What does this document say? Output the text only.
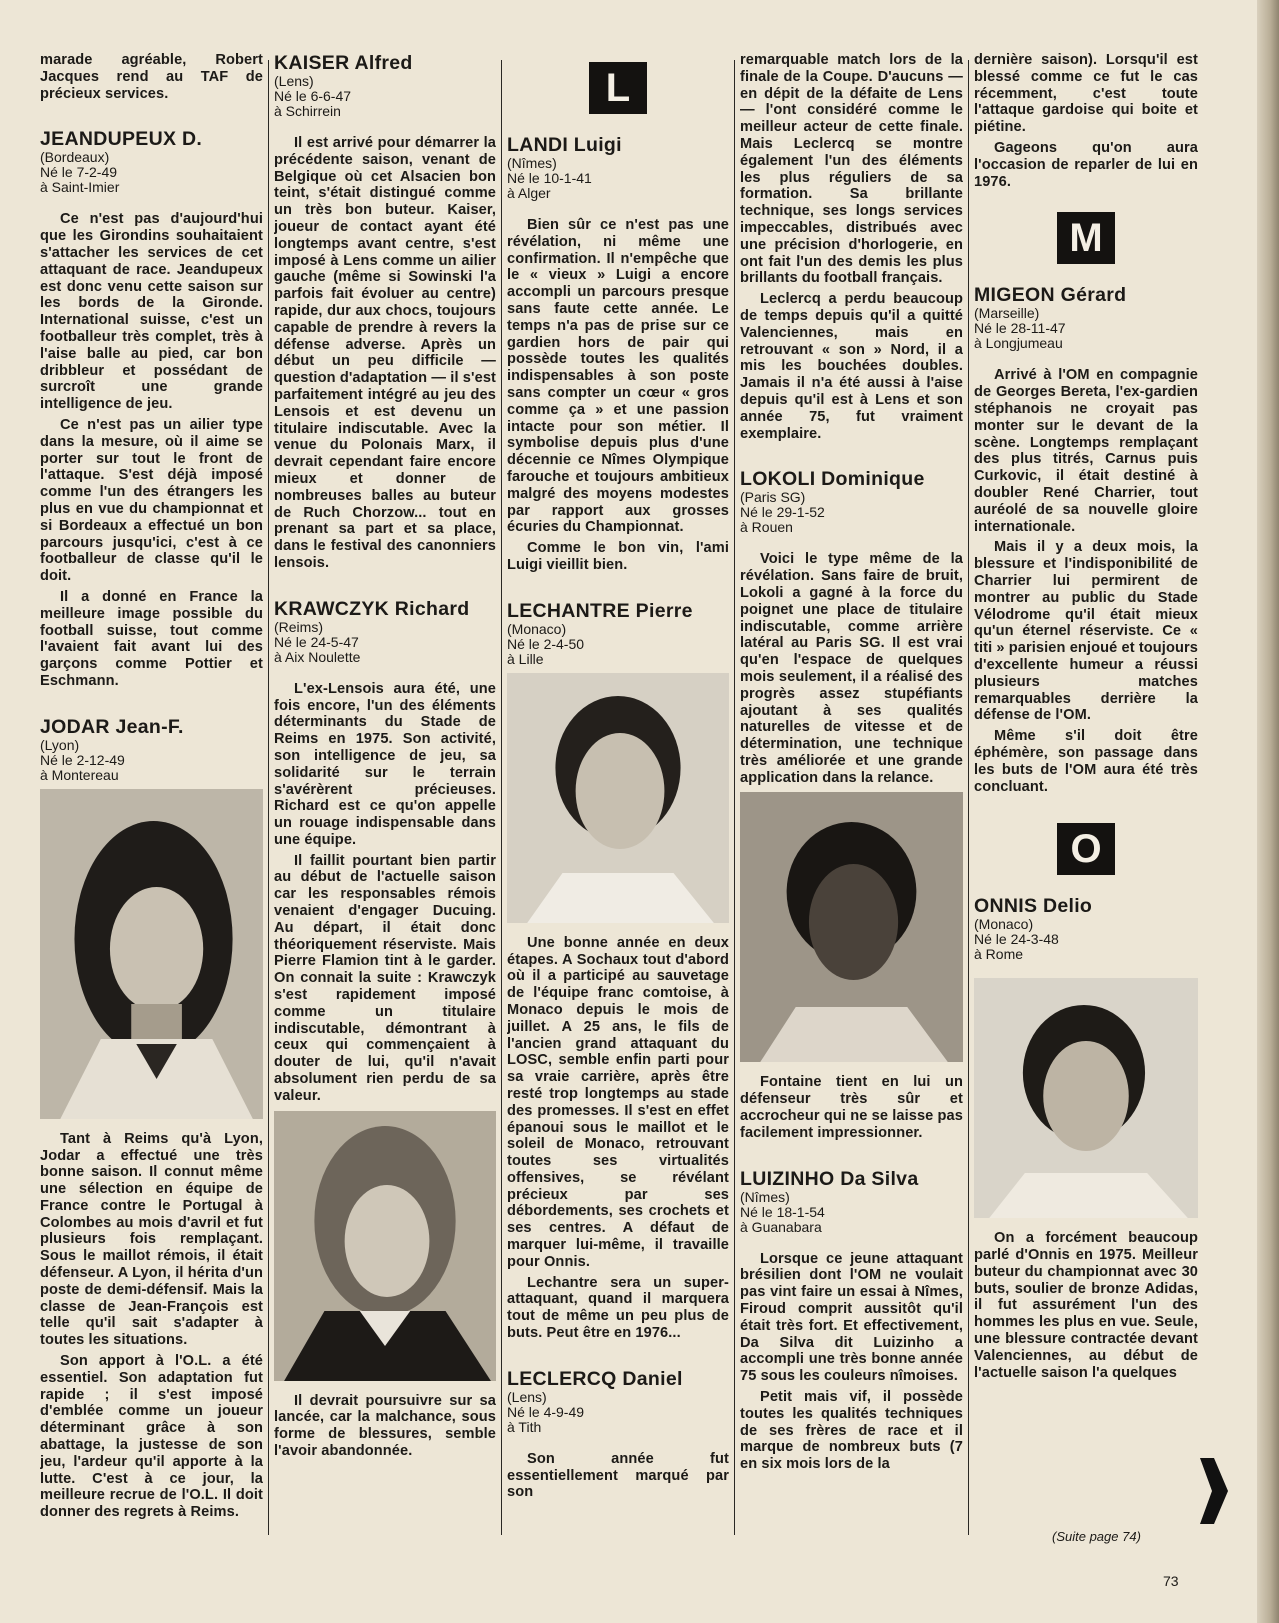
marade agréable, Robert Jacques rend au TAF de précieux services.

JEANDUPEUX D.
(Bordeaux)
Né le 7-2-49
à Saint-Imier

Ce n'est pas d'aujourd'hui que les Girondins souhaitaient s'attacher les services de cet attaquant de race. Jeandupeux est donc venu cette saison sur les bords de la Gironde. International suisse, c'est un footballeur très complet, très à l'aise balle au pied, car bon dribbleur et possédant de surcroît une grande intelligence de jeu.

Ce n'est pas un ailier type dans la mesure, où il aime se porter sur tout le front de l'attaque. S'est déjà imposé comme l'un des étrangers les plus en vue du championnat et si Bordeaux a effectué un bon parcours jusqu'ici, c'est à ce footballeur de classe qu'il le doit.

Il a donné en France la meilleure image possible du football suisse, tout comme l'avaient fait avant lui des garçons comme Pottier et Eschmann.

JODAR Jean-F.
(Lyon)
Né le 2-12-49
à Montereau

Tant à Reims qu'à Lyon, Jodar a effectué une très bonne saison. Il connut même une sélection en équipe de France contre le Portugal à Colombes au mois d'avril et fut plusieurs fois remplaçant. Sous le maillot rémois, il était défenseur. A Lyon, il hérita d'un poste de demi-défensif. Mais la classe de Jean-François est telle qu'il sait s'adapter à toutes les situations.

Son apport à l'O.L. a été essentiel. Son adaptation fut rapide ; il s'est imposé d'emblée comme un joueur déterminant grâce à son abattage, la justesse de son jeu, l'ardeur qu'il apporte à la lutte. C'est à ce jour, la meilleure recrue de l'O.L. Il doit donner des regrets à Reims.

KAISER Alfred
(Lens)
Né le 6-6-47
à Schirrein

Il est arrivé pour démarrer la précédente saison, venant de Belgique où cet Alsacien bon teint, s'était distingué comme un très bon buteur. Kaiser, joueur de contact ayant été longtemps avant centre, s'est imposé à Lens comme un ailier gauche (même si Sowinski l'a parfois fait évoluer au centre) rapide, dur aux chocs, toujours capable de prendre à revers la défense adverse. Après un début un peu difficile — question d'adaptation — il s'est parfaitement intégré au jeu des Lensois et est devenu un titulaire indiscutable. Avec la venue du Polonais Marx, il devrait cependant faire encore mieux et donner de nombreuses balles au buteur de Ruch Chorzow... tout en prenant sa part et sa place, dans le festival des canonniers lensois.

KRAWCZYK Richard
(Reims)
Né le 24-5-47
à Aix Noulette

L'ex-Lensois aura été, une fois encore, l'un des éléments déterminants du Stade de Reims en 1975. Son activité, son intelligence de jeu, sa solidarité sur le terrain s'avérèrent précieuses. Richard est ce qu'on appelle un rouage indispensable dans une équipe.

Il faillit pourtant bien partir au début de l'actuelle saison car les responsables rémois venaient d'engager Ducuing. Au départ, il était donc théoriquement réserviste. Mais Pierre Flamion tint à le garder. On connait la suite : Krawczyk s'est rapidement imposé comme un titulaire indiscutable, démontrant à ceux qui commençaient à douter de lui, qu'il n'avait absolument rien perdu de sa valeur.

Il devrait poursuivre sur sa lancée, car la malchance, sous forme de blessures, semble l'avoir abandonnée.

L
LANDI Luigi
(Nîmes)
Né le 10-1-41
à Alger

Bien sûr ce n'est pas une révélation, ni même une confirmation. Il n'empêche que le « vieux » Luigi a encore accompli un parcours presque sans faute cette année. Le temps n'a pas de prise sur ce gardien hors de pair qui possède toutes les qualités indispensables à son poste sans compter un cœur « gros comme ça » et une passion intacte pour son métier. Il symbolise depuis plus d'une décennie ce Nîmes Olympique farouche et toujours ambitieux malgré des moyens modestes par rapport aux grosses écuries du Championnat.

Comme le bon vin, l'ami Luigi vieillit bien.

LECHANTRE Pierre
(Monaco)
Né le 2-4-50
à Lille

Une bonne année en deux étapes. A Sochaux tout d'abord où il a participé au sauvetage de l'équipe franc comtoise, à Monaco depuis le mois de juillet. A 25 ans, le fils de l'ancien grand attaquant du LOSC, semble enfin parti pour sa vraie carrière, après être resté trop longtemps au stade des promesses. Il s'est en effet épanoui sous le maillot et le soleil de Monaco, retrouvant toutes ses virtualités offensives, se révélant précieux par ses débordements, ses crochets et ses centres. A défaut de marquer lui-même, il travaille pour Onnis.

Lechantre sera un super-attaquant, quand il marquera tout de même un peu plus de buts. Peut être en 1976...

LECLERCQ Daniel
(Lens)
Né le 4-9-49
à Tith

Son année fut essentiellement marqué par son

remarquable match lors de la finale de la Coupe. D'aucuns — en dépit de la défaite de Lens — l'ont considéré comme le meilleur acteur de cette finale. Mais Leclercq se montre également l'un des éléments les plus réguliers de sa formation. Sa brillante technique, ses longs services impeccables, distribués avec une précision d'horlogerie, en ont fait l'un des demis les plus brillants du football français.

Leclercq a perdu beaucoup de temps depuis qu'il a quitté Valenciennes, mais en retrouvant « son » Nord, il a mis les bouchées doubles. Jamais il n'a été aussi à l'aise depuis qu'il est à Lens et son année 75, fut vraiment exemplaire.

LOKOLI Dominique
(Paris SG)
Né le 29-1-52
à Rouen

Voici le type même de la révélation. Sans faire de bruit, Lokoli a gagné à la force du poignet une place de titulaire indiscutable, comme arrière latéral au Paris SG. Il est vrai qu'en l'espace de quelques mois seulement, il a réalisé des progrès assez stupéfiants ajoutant à ses qualités naturelles de vitesse et de détermination, une technique très améliorée et une grande application dans la relance.

Fontaine tient en lui un défenseur très sûr et accrocheur qui ne se laisse pas facilement impressionner.

LUIZINHO Da Silva
(Nîmes)
Né le 18-1-54
à Guanabara

Lorsque ce jeune attaquant brésilien dont l'OM ne voulait pas vint faire un essai à Nîmes, Firoud comprit aussitôt qu'il était très fort. Et effectivement, Da Silva dit Luizinho a accompli une très bonne année 75 sous les couleurs nîmoises.

Petit mais vif, il possède toutes les qualités techniques de ses frères de race et il marque de nombreux buts (7 en six mois lors de la

dernière saison). Lorsqu'il est blessé comme ce fut le cas récemment, c'est toute l'attaque gardoise qui boite et piétine.

Gageons qu'on aura l'occasion de reparler de lui en 1976.

M
MIGEON Gérard
(Marseille)
Né le 28-11-47
à Longjumeau

Arrivé à l'OM en compagnie de Georges Bereta, l'ex-gardien stéphanois ne croyait pas monter sur le devant de la scène. Longtemps remplaçant des plus titrés, Carnus puis Curkovic, il était destiné à doubler René Charrier, tout auréolé de sa nouvelle gloire internationale.

Mais il y a deux mois, la blessure et l'indisponibilité de Charrier lui permirent de montrer au public du Stade Vélodrome qu'il était mieux qu'un éternel réserviste. Ce « titi » parisien enjoué et toujours d'excellente humeur a réussi plusieurs matches remarquables derrière la défense de l'OM.

Même s'il doit être éphémère, son passage dans les buts de l'OM aura été très concluant.

O
ONNIS Delio
(Monaco)
Né le 24-3-48
à Rome

On a forcément beaucoup parlé d'Onnis en 1975. Meilleur buteur du championnat avec 30 buts, soulier de bronze Adidas, il fut assurément l'un des hommes les plus en vue. Seule, une blessure contractée devant Valenciennes, au début de l'actuelle saison l'a quelques

(Suite page 74)
73
